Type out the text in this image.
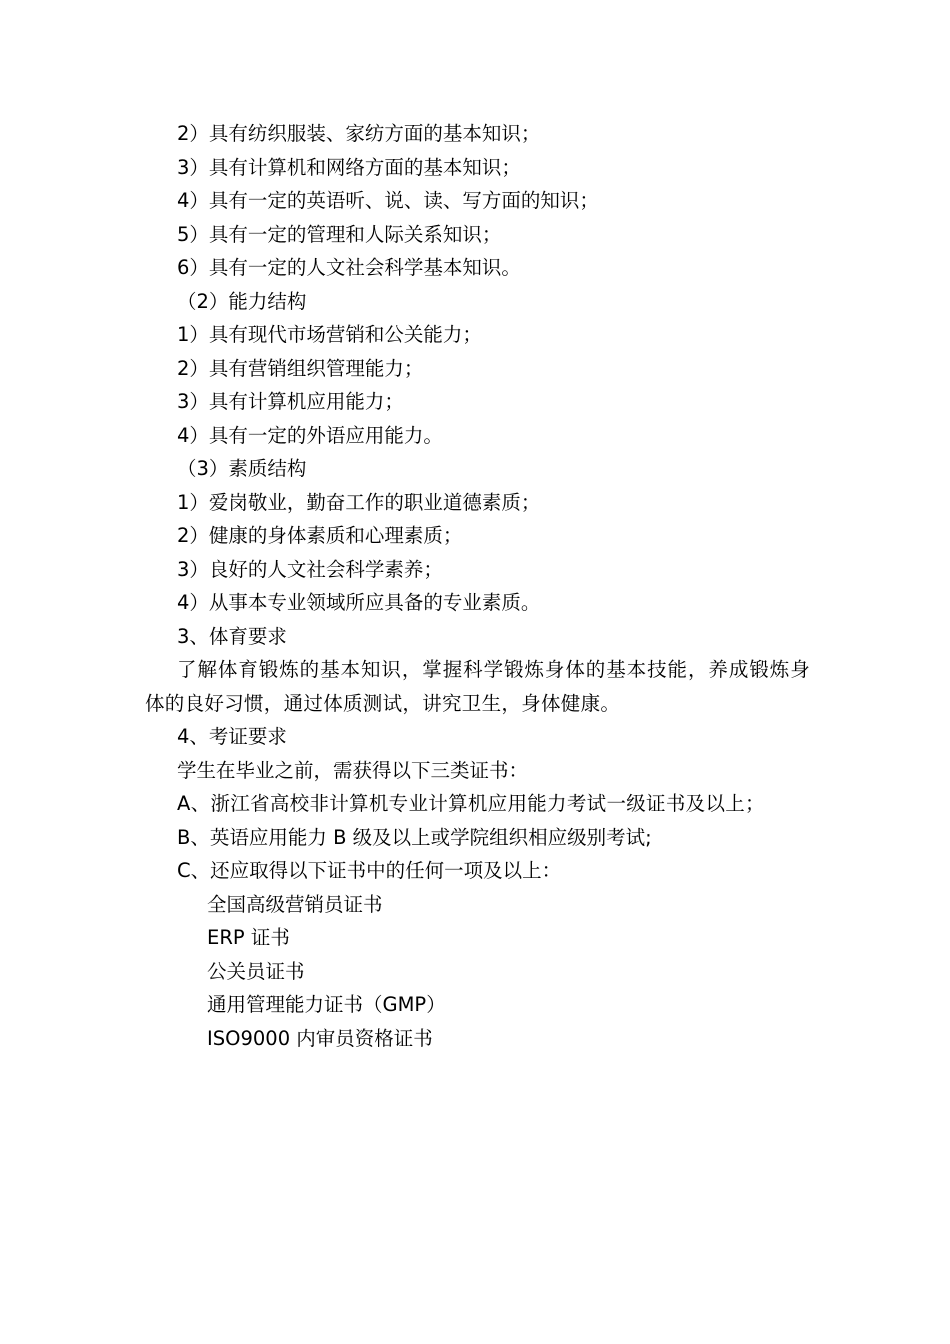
2）具有纺织服装、家纺方面的基本知识；
3）具有计算机和网络方面的基本知识；
4）具有一定的英语听、说、读、写方面的知识；
5）具有一定的管理和人际关系知识；
6）具有一定的人文社会科学基本知识。
（2）能力结构
1）具有现代市场营销和公关能力；
2）具有营销组织管理能力；
3）具有计算机应用能力；
4）具有一定的外语应用能力。
（3）素质结构
1）爱岗敬业，勤奋工作的职业道德素质；
2）健康的身体素质和心理素质；
3）良好的人文社会科学素养；
4）从事本专业领域所应具备的专业素质。
3、体育要求
了解体育锻炼的基本知识，掌握科学锻炼身体的基本技能，养成锻炼身体的良好习惯，通过体质测试，讲究卫生，身体健康。
4、考证要求
学生在毕业之前，需获得以下三类证书：
A、浙江省高校非计算机专业计算机应用能力考试一级证书及以上；
B、英语应用能力 B 级及以上或学院组织相应级别考试;
C、还应取得以下证书中的任何一项及以上：
全国高级营销员证书
ERP 证书
公关员证书
通用管理能力证书（GMP）
ISO9000 内审员资格证书
